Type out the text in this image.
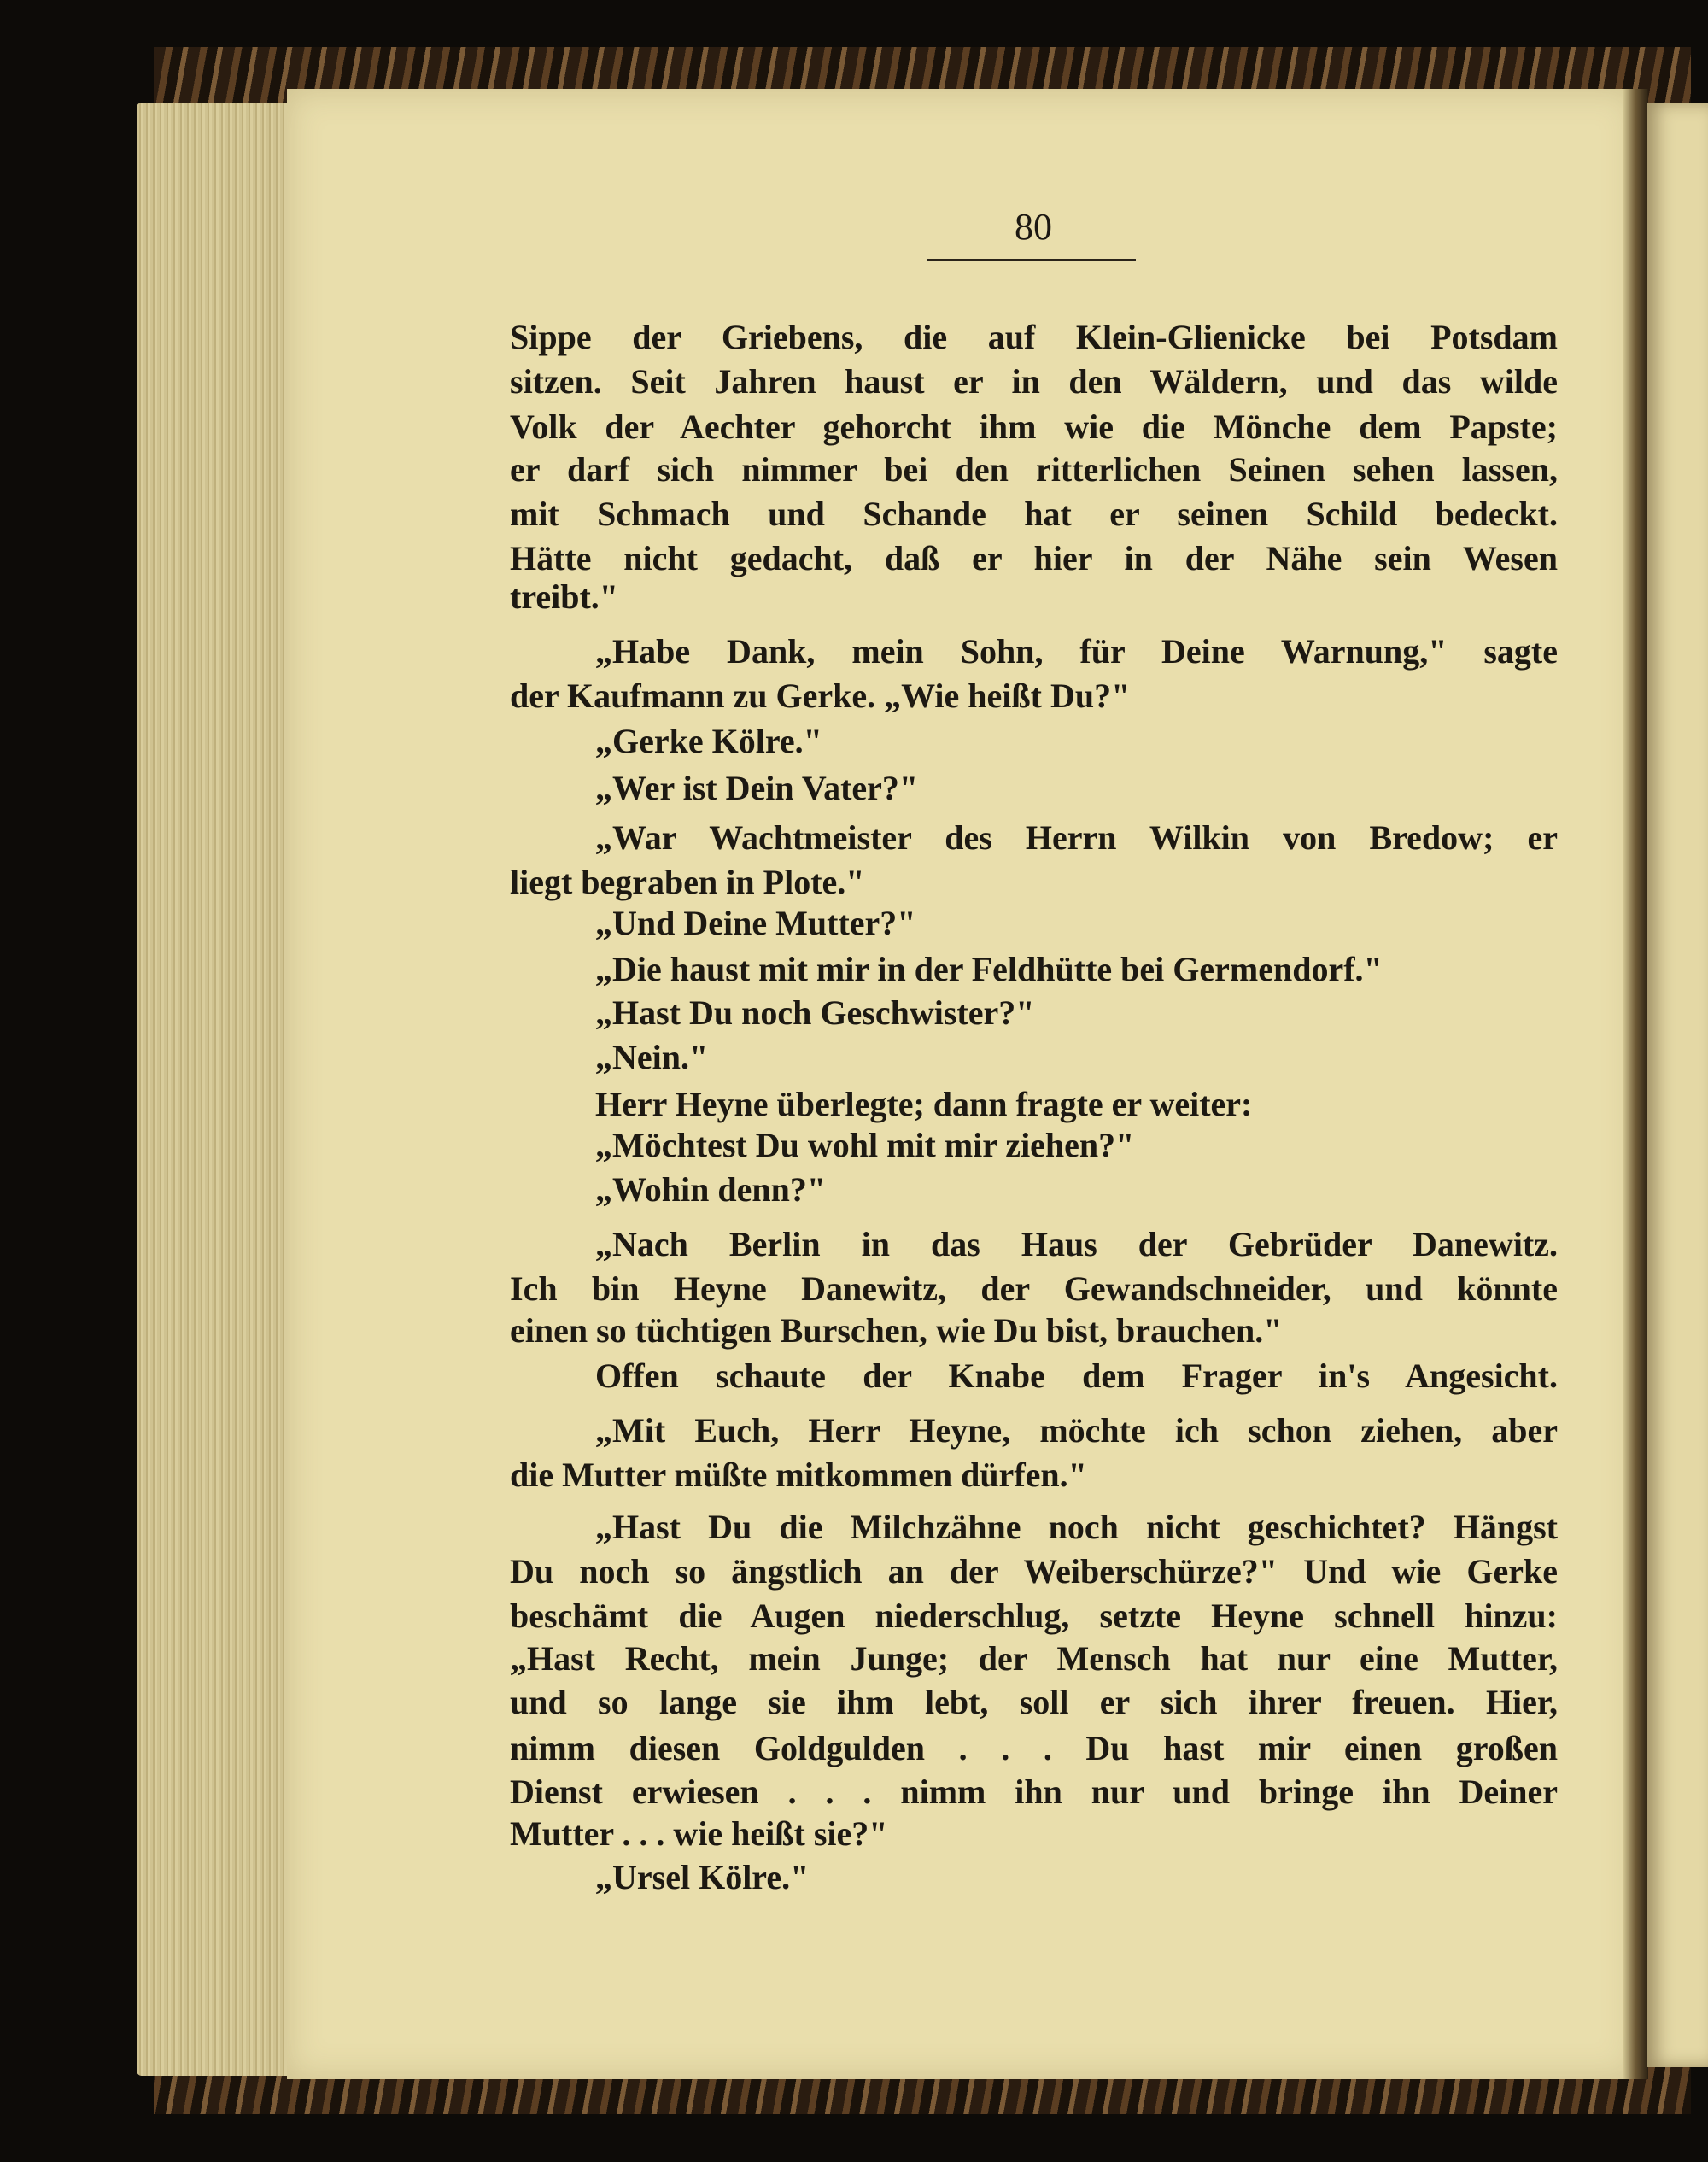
80
Sippe der Griebens, die auf Klein-Glienicke bei Potsdam
sitzen. Seit Jahren haust er in den Wäldern, und das wilde
Volk der Aechter gehorcht ihm wie die Mönche dem Papste;
er darf sich nimmer bei den ritterlichen Seinen sehen lassen,
mit Schmach und Schande hat er seinen Schild bedeckt.
Hätte nicht gedacht, daß er hier in der Nähe sein Wesen
treibt."
„Habe Dank, mein Sohn, für Deine Warnung," sagte
der Kaufmann zu Gerke. „Wie heißt Du?"
„Gerke Kölre."
„Wer ist Dein Vater?"
„War Wachtmeister des Herrn Wilkin von Bredow; er
liegt begraben in Plote."
„Und Deine Mutter?"
„Die haust mit mir in der Feldhütte bei Germendorf."
„Hast Du noch Geschwister?"
„Nein."
Herr Heyne überlegte; dann fragte er weiter:
„Möchtest Du wohl mit mir ziehen?"
„Wohin denn?"
„Nach Berlin in das Haus der Gebrüder Danewitz.
Ich bin Heyne Danewitz, der Gewandschneider, und könnte
einen so tüchtigen Burschen, wie Du bist, brauchen."
Offen schaute der Knabe dem Frager in's Angesicht.
„Mit Euch, Herr Heyne, möchte ich schon ziehen, aber
die Mutter müßte mitkommen dürfen."
„Hast Du die Milchzähne noch nicht geschichtet? Hängst
Du noch so ängstlich an der Weiberschürze?" Und wie Gerke
beschämt die Augen niederschlug, setzte Heyne schnell hinzu:
„Hast Recht, mein Junge; der Mensch hat nur eine Mutter,
und so lange sie ihm lebt, soll er sich ihrer freuen. Hier,
nimm diesen Goldgulden . . . Du hast mir einen großen
Dienst erwiesen . . . nimm ihn nur und bringe ihn Deiner
Mutter . . . wie heißt sie?"
„Ursel Kölre."
